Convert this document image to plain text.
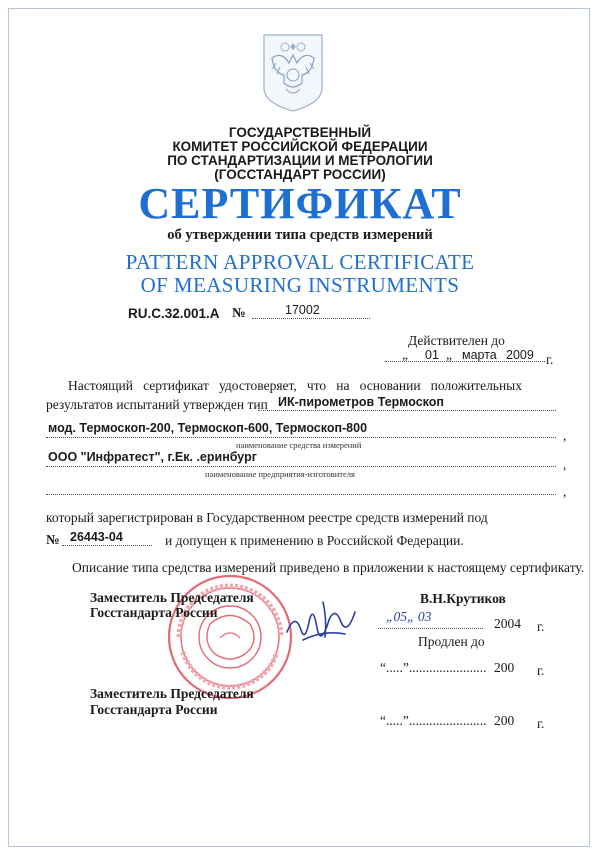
ГОСУДАРСТВЕННЫЙ
КОМИТЕТ РОССИЙСКОЙ ФЕДЕРАЦИИ
ПО СТАНДАРТИЗАЦИИ И МЕТРОЛОГИИ
(ГОССТАНДАРТ РОССИИ)
СЕРТИФИКАТ
об утверждении типа средств измерений
PATTERN APPROVAL CERTIFICATE
OF MEASURING INSTRUMENTS
RU.C.32.001.A №	17002
Действителен до
„ 01 „ марта 2009 г.
Настоящий   сертификат   удостоверяет,   что   на   основании   положительных
результатов испытаний утвержден тип ИК-пирометров Термоскоп
мод. Термоскоп-200, Термоскоп-600, Термоскоп-800	,
наименование средства измерений
ООО "Инфратест", г.Ек. .еринбург	,
наименование предприятия-изготовителя
,
который зарегистрирован в Государственном реестре средств измерений под
№ 26443-04	и допущен к применению в Российской Федерации.
Описание типа средства измерений приведено в приложении к настоящему сертификату.
Заместитель Председателя
Госстандарта России
В.Н.Крутиков
„05„ 03	2004 г.
Продлен до
“.....”....................... 200 г.
Заместитель Председателя
Госстандарта России
“.....”....................... 200 г.
